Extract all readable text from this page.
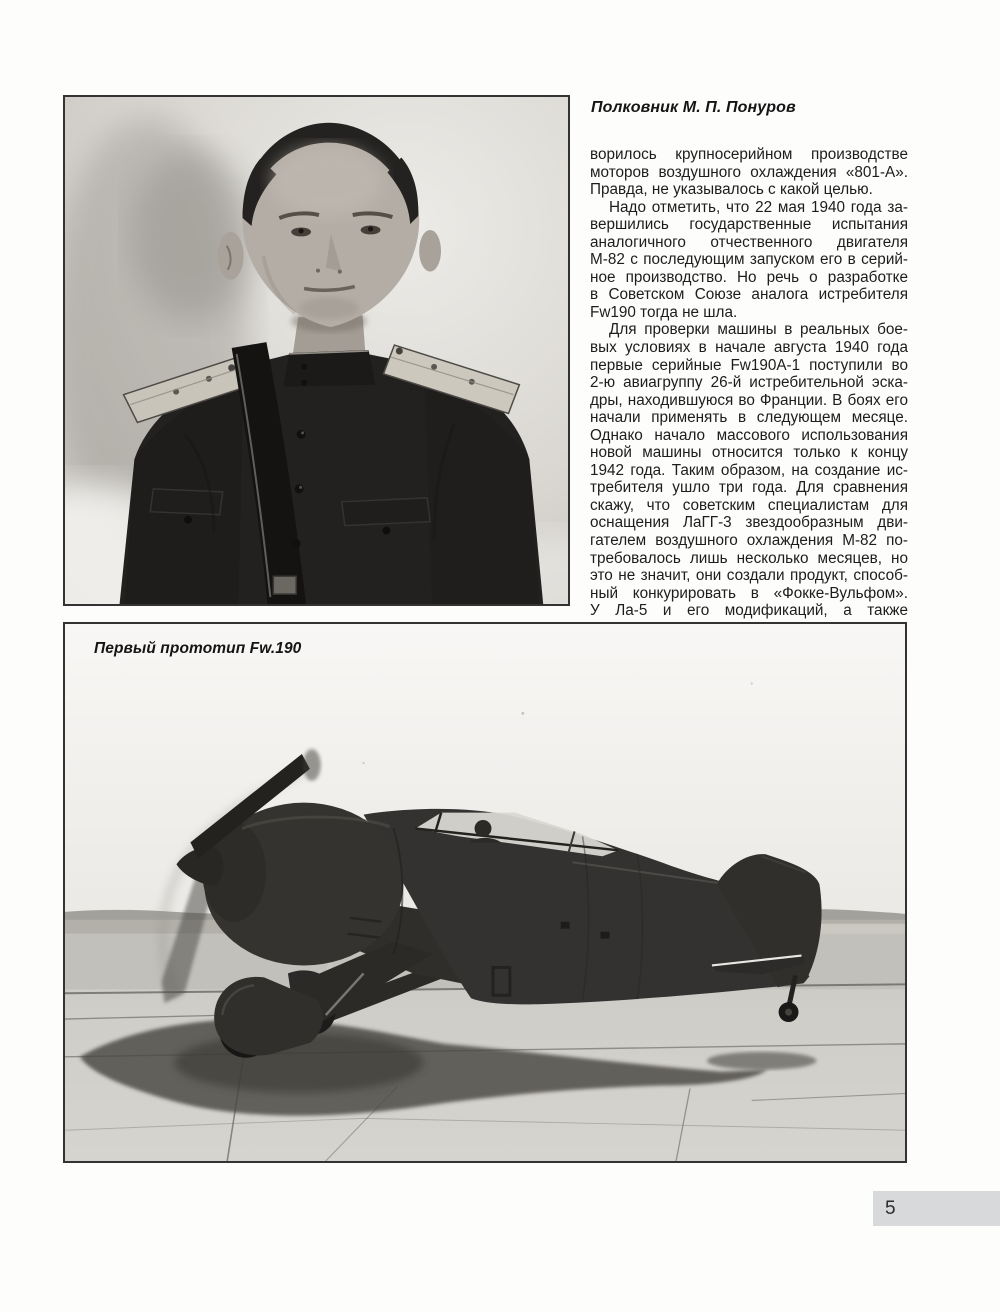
Полковник М. П. Понуров
ворилось крупносерийном производстве
моторов воздушного охлаждения «801-А».
Правда, не указывалось с какой целью.
Надо отметить, что 22 мая 1940 года за-
вершились государственные испытания
аналогичного отчественного двигателя
М-82 с последующим запуском его в серий-
ное производство. Но речь о разработке
в Советском Союзе аналога истребителя
Fw190 тогда не шла.
Для проверки машины в реальных бое-
вых условиях в начале августа 1940 года
первые серийные Fw190A-1 поступили во
2-ю авиагруппу 26-й истребительной эска-
дры, находившуюся во Франции. В боях его
начали применять в следующем месяце.
Однако начало массового использования
новой машины относится только к концу
1942 года. Таким образом, на создание ис-
требителя ушло три года. Для сравнения
скажу, что советским специалистам для
оснащения ЛаГГ-3 звездообразным дви-
гателем воздушного охлаждения М-82 по-
требовалось лишь несколько месяцев, но
это не значит, они создали продукт, способ-
ный конкурировать в «Фокке-Вульфом».
У Ла-5 и его модификаций, а также
Первый прототип Fw.190
5
